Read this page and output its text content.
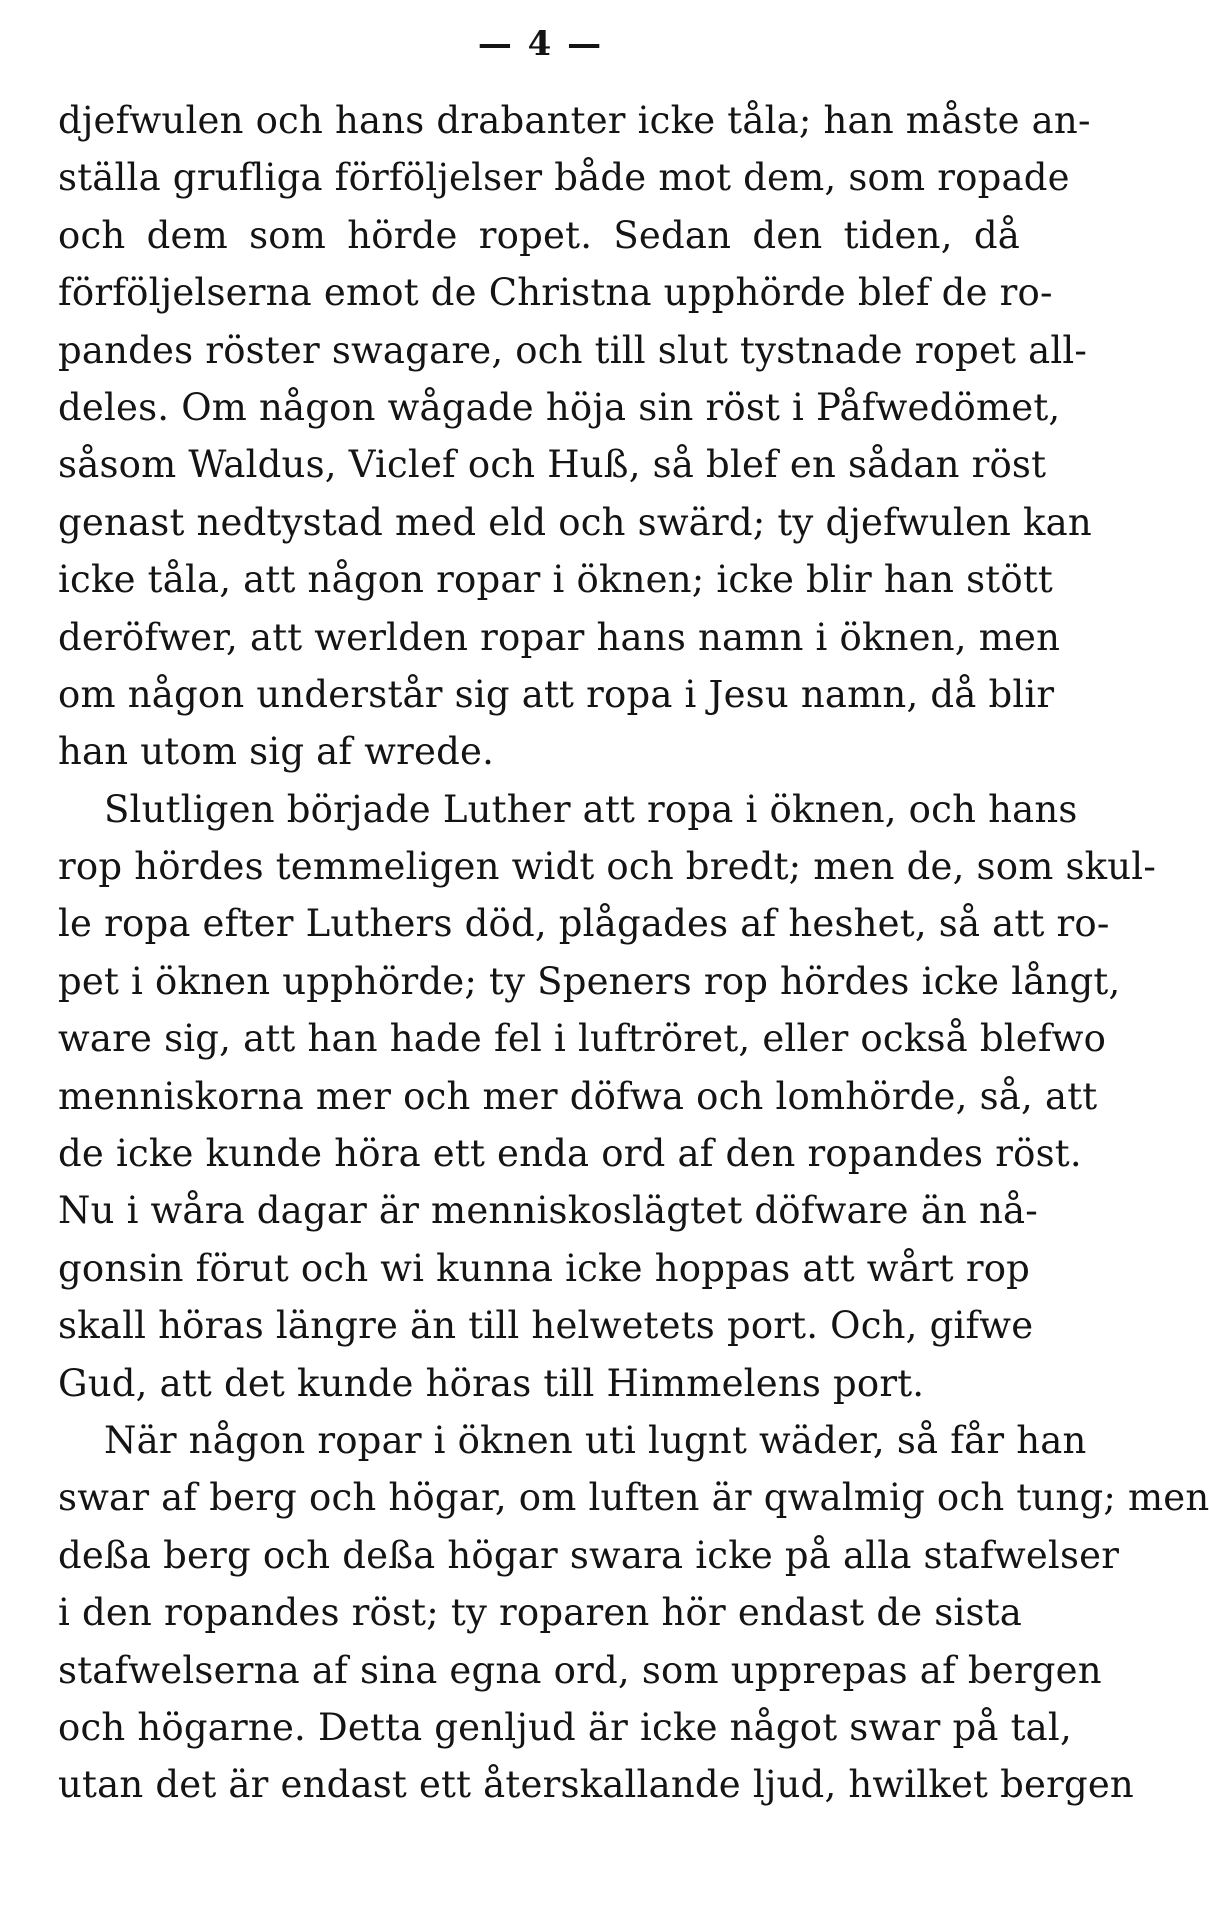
— 4 —
djefwulen och hans drabanter icke tåla; han måste an-
ställa grufliga förföljelser både mot dem, som ropade
och dem som hörde ropet. Sedan den tiden, då
förföljelserna emot de Christna upphörde blef de ro-
pandes röster swagare, och till slut tystnade ropet all-
deles. Om någon wågade höja sin röst i Påfwedömet,
såsom Waldus, Viclef och Huß, så blef en sådan röst
genast nedtystad med eld och swärd; ty djefwulen kan
icke tåla, att någon ropar i öknen; icke blir han stött
deröfwer, att werlden ropar hans namn i öknen, men
om någon understår sig att ropa i Jesu namn, då blir
han utom sig af wrede.
Slutligen började Luther att ropa i öknen, och hans
rop hördes temmeligen widt och bredt; men de, som skul-
le ropa efter Luthers död, plågades af heshet, så att ro-
pet i öknen upphörde; ty Speners rop hördes icke långt,
ware sig, att han hade fel i luftröret, eller också blefwo
menniskorna mer och mer döfwa och lomhörde, så, att
de icke kunde höra ett enda ord af den ropandes röst.
Nu i wåra dagar är menniskoslägtet döfware än nå-
gonsin förut och wi kunna icke hoppas att wårt rop
skall höras längre än till helwetets port. Och, gifwe
Gud, att det kunde höras till Himmelens port.
När någon ropar i öknen uti lugnt wäder, så får han
swar af berg och högar, om luften är qwalmig och tung; men
deßa berg och deßa högar swara icke på alla stafwelser
i den ropandes röst; ty roparen hör endast de sista
stafwelserna af sina egna ord, som upprepas af bergen
och högarne. Detta genljud är icke något swar på tal,
utan det är endast ett återskallande ljud, hwilket bergen
